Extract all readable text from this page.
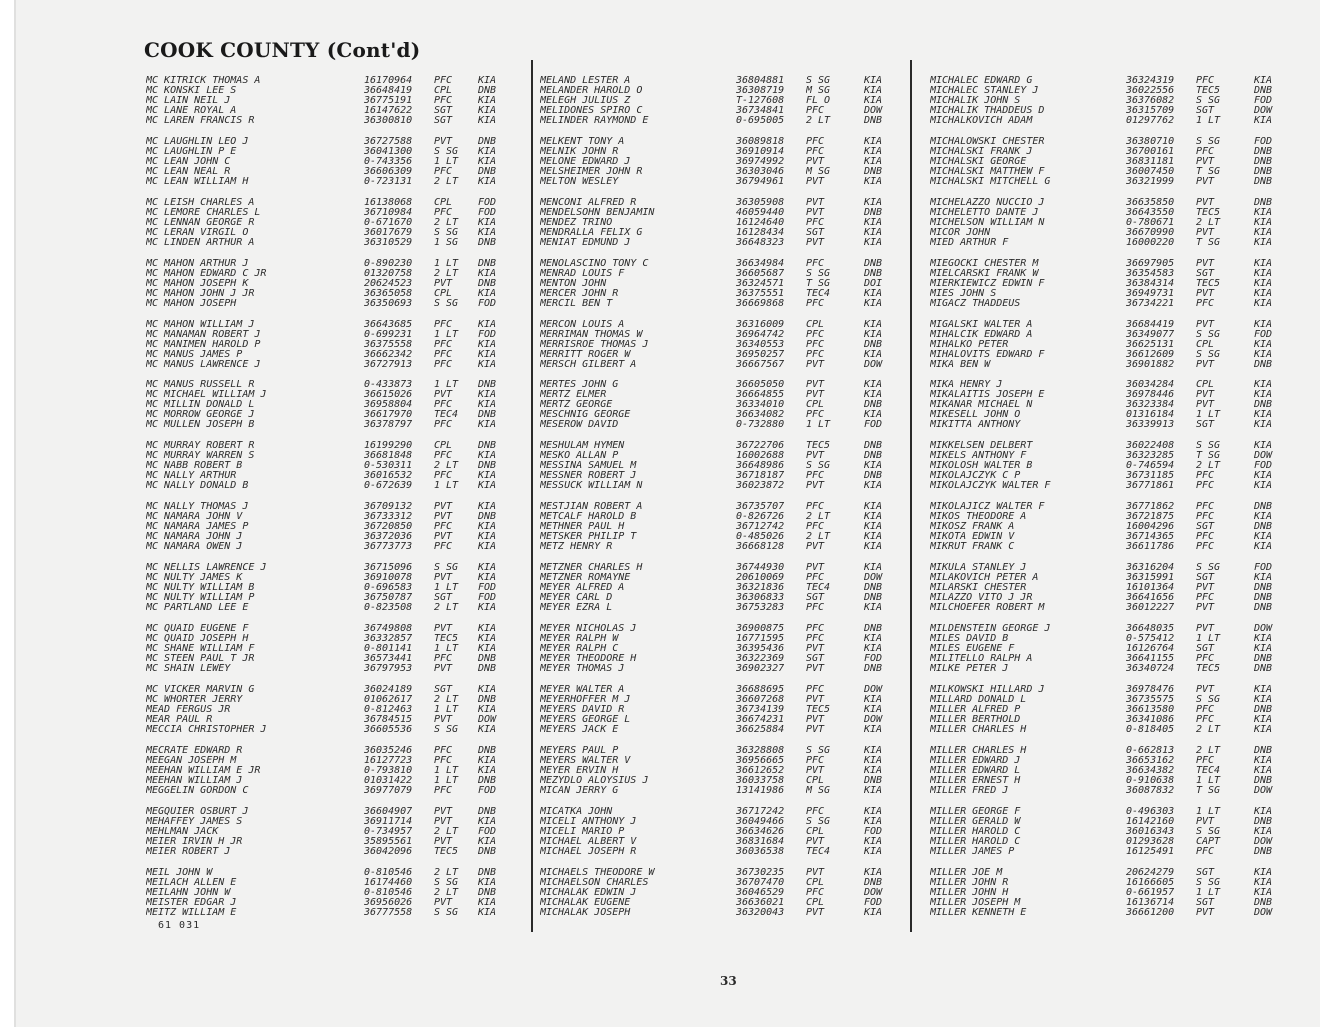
COOK COUNTY (Cont'd)
MC KITRICK THOMAS A	16170964	PFC	KIA
MC KONSKI LEE S	36648419	CPL	DNB
MC LAIN NEIL J	36775191	PFC	KIA
MC LANE ROYAL A	16147622	SGT	KIA
MC LAREN FRANCIS R	36300810	SGT	KIA
MC LAUGHLIN LEO J	36727588	PVT	DNB
MC LAUGHLIN P E	36041300	S SG	KIA
MC LEAN JOHN C	0-743356	1 LT	KIA
MC LEAN NEAL R	36606309	PFC	DNB
MC LEAN WILLIAM H	0-723131	2 LT	KIA
MC LEISH CHARLES A	16138068	CPL	FOD
MC LEMORE CHARLES L	36710984	PFC	FOD
MC LENNAN GEORGE R	0-671670	2 LT	KIA
MC LERAN VIRGIL O	36017679	S SG	KIA
MC LINDEN ARTHUR A	36310529	1 SG	DNB
MC MAHON ARTHUR J	0-890230	1 LT	DNB
MC MAHON EDWARD C JR	01320758	2 LT	KIA
MC MAHON JOSEPH K	20624523	PVT	DNB
MC MAHON JOHN J JR	36365058	CPL	KIA
MC MAHON JOSEPH	36350693	S SG	FOD
MC MAHON WILLIAM J	36643685	PFC	KIA
MC MANAMAN ROBERT J	0-699231	1 LT	FOD
MC MANIMEN HAROLD P	36375558	PFC	KIA
MC MANUS JAMES P	36662342	PFC	KIA
MC MANUS LAWRENCE J	36727913	PFC	KIA
MC MANUS RUSSELL R	0-433873	1 LT	DNB
MC MICHAEL WILLIAM J	36615026	PVT	KIA
MC MILLIN DONALD L	36958804	PFC	KIA
MC MORROW GEORGE J	36617970	TEC4	DNB
MC MULLEN JOSEPH B	36378797	PFC	KIA
MC MURRAY ROBERT R	16199290	CPL	DNB
MC MURRAY WARREN S	36681848	PFC	KIA
MC NABB ROBERT B	0-530311	2 LT	DNB
MC NALLY ARTHUR	36016532	PFC	KIA
MC NALLY DONALD B	0-672639	1 LT	KIA
MC NALLY THOMAS J	36709132	PVT	KIA
MC NAMARA JOHN V	36733312	PVT	DNB
MC NAMARA JAMES P	36720850	PFC	KIA
MC NAMARA JOHN J	36372036	PVT	KIA
MC NAMARA OWEN J	36773773	PFC	KIA
MC NELLIS LAWRENCE J	36715096	S SG	KIA
MC NULTY JAMES K	36910078	PVT	KIA
MC NULTY WILLIAM B	0-696583	1 LT	FOD
MC NULTY WILLIAM P	36750787	SGT	FOD
MC PARTLAND LEE E	0-823508	2 LT	KIA
MC QUAID EUGENE F	36749808	PVT	KIA
MC QUAID JOSEPH H	36332857	TEC5	KIA
MC SHANE WILLIAM F	0-801141	1 LT	KIA
MC STEEN PAUL T JR	36573441	PFC	DNB
MC SHAIN LEWEY	36797953	PVT	DNB
MC VICKER MARVIN G	36024189	SGT	KIA
MC WHORTER JERRY	01062617	2 LT	DNB
MEAD FERGUS JR	0-812463	1 LT	KIA
MEAR PAUL R	36784515	PVT	DOW
MECCIA CHRISTOPHER J	36605536	S SG	KIA
MECRATE EDWARD R	36035246	PFC	DNB
MEEGAN JOSEPH M	16127723	PFC	KIA
MEEHAN WILLIAM E JR	0-793810	1 LT	KIA
MEEHAN WILLIAM J	01031422	1 LT	DNB
MEGGELIN GORDON C	36977079	PFC	FOD
MEGQUIER OSBURT J	36604907	PVT	DNB
MEHAFFEY JAMES S	36911714	PVT	KIA
MEHLMAN JACK	0-734957	2 LT	FOD
MEIER IRVIN H JR	35895561	PVT	KIA
MEIER ROBERT J	36042096	TEC5	DNB
MEIL JOHN W	0-810546	2 LT	DNB
MEILACH ALLEN E	16174460	S SG	KIA
MEILAHN JOHN W	0-810546	2 LT	DNB
MEISTER EDGAR J	36956026	PVT	KIA
MEITZ WILLIAM E	36777558	S SG	KIA
MELAND LESTER A	36804881	S SG	KIA
MELANDER HAROLD O	36308719	M SG	KIA
MELEGH JULIUS Z	T-127608	FL O	KIA
MELIDONES SPIRO C	36734841	PFC	DOW
MELINDER RAYMOND E	0-695005	2 LT	DNB
MELKENT TONY A	36089818	PFC	KIA
MELNIK JOHN R	36910914	PFC	KIA
MELONE EDWARD J	36974992	PVT	KIA
MELSHEIMER JOHN R	36303046	M SG	DNB
MELTON WESLEY	36794961	PVT	KIA
MENCONI ALFRED R	36305908	PVT	KIA
MENDELSOHN BENJAMIN	46059440	PVT	DNB
MENDEZ TRINO	16124640	PFC	KIA
MENDRALLA FELIX G	16128434	SGT	KIA
MENIAT EDMUND J	36648323	PVT	KIA
MENOLASCINO TONY C	36634984	PFC	DNB
MENRAD LOUIS F	36605687	S SG	DNB
MENTON JOHN	36324571	T SG	DOI
MERCER JOHN R	36375551	TEC4	KIA
MERCIL BEN T	36669868	PFC	KIA
MERCON LOUIS A	36316009	CPL	KIA
MERRIMAN THOMAS W	36964742	PFC	KIA
MERRISROE THOMAS J	36340553	PFC	DNB
MERRITT ROGER W	36950257	PFC	KIA
MERSCH GILBERT A	36667567	PVT	DOW
MERTES JOHN G	36605050	PVT	KIA
MERTZ ELMER	36664855	PVT	KIA
MERTZ GEORGE	36334010	CPL	DNB
MESCHNIG GEORGE	36634082	PFC	KIA
MESEROW DAVID	0-732880	1 LT	FOD
MESHULAM HYMEN	36722706	TEC5	DNB
MESKO ALLAN P	16002688	PVT	DNB
MESSINA SAMUEL M	36648986	S SG	KIA
MESSNER ROBERT J	36718187	PFC	DNB
MESSUCK WILLIAM N	36023872	PVT	KIA
MESTJIAN ROBERT A	36735707	PFC	KIA
METCALF HAROLD B	0-826726	2 LT	KIA
METHNER PAUL H	36712742	PFC	KIA
METSKER PHILIP T	0-485026	2 LT	KIA
METZ HENRY R	36668128	PVT	KIA
METZNER CHARLES H	36744930	PVT	KIA
METZNER ROMAYNE	20610069	PFC	DOW
MEYER ALFRED A	36321836	TEC4	DNB
MEYER CARL D	36306833	SGT	DNB
MEYER EZRA L	36753283	PFC	KIA
MEYER NICHOLAS J	36900875	PFC	DNB
MEYER RALPH W	16771595	PFC	KIA
MEYER RALPH C	36395436	PVT	KIA
MEYER THEODORE H	36322369	SGT	FOD
MEYER THOMAS J	36902327	PVT	DNB
MEYER WALTER A	36688695	PFC	DOW
MEYERHOFFER M J	36607268	PVT	KIA
MEYERS DAVID R	36734139	TEC5	KIA
MEYERS GEORGE L	36674231	PVT	DOW
MEYERS JACK E	36625884	PVT	KIA
MEYERS PAUL P	36328808	S SG	KIA
MEYERS WALTER V	36956665	PFC	KIA
MEYER ERVIN H	36612652	PVT	KIA
MEZYDLO ALOYSIUS J	36033758	CPL	DNB
MICAN JERRY G	13141986	M SG	KIA
MICATKA JOHN	36717242	PFC	KIA
MICELI ANTHONY J	36049466	S SG	KIA
MICELI MARIO P	36634626	CPL	FOD
MICHAEL ALBERT V	36831684	PVT	KIA
MICHAEL JOSEPH R	36036538	TEC4	KIA
MICHAELS THEODORE W	36730235	PVT	KIA
MICHAELSON CHARLES	36707470	CPL	DNB
MICHALAK EDWIN J	36046529	PFC	DOW
MICHALAK EUGENE	36636021	CPL	FOD
MICHALAK JOSEPH	36320043	PVT	KIA
MICHALEC EDWARD G	36324319	PFC	KIA
MICHALEC STANLEY J	36022556	TEC5	DNB
MICHALIK JOHN S	36376082	S SG	FOD
MICHALIK THADDEUS D	36315709	SGT	DOW
MICHALKOVICH ADAM	01297762	1 LT	KIA
MICHALOWSKI CHESTER	36380710	S SG	FOD
MICHALSKI FRANK J	36700161	PFC	DNB
MICHALSKI GEORGE	36831181	PVT	DNB
MICHALSKI MATTHEW F	36007450	T SG	DNB
MICHALSKI MITCHELL G	36321999	PVT	DNB
MICHELAZZO NUCCIO J	36635850	PVT	DNB
MICHELETTO DANTE J	36643550	TEC5	KIA
MICHELSON WILLIAM N	0-780671	2 LT	KIA
MICOR JOHN	36670990	PVT	KIA
MIED ARTHUR F	16000220	T SG	KIA
MIEGOCKI CHESTER M	36697905	PVT	KIA
MIELCARSKI FRANK W	36354583	SGT	KIA
MIERKIEWICZ EDWIN F	36384314	TEC5	KIA
MIES JOHN S	36949731	PVT	KIA
MIGACZ THADDEUS	36734221	PFC	KIA
MIGALSKI WALTER A	36684419	PVT	KIA
MIHALCIK EDWARD A	36349077	S SG	FOD
MIHALKO PETER	36625131	CPL	KIA
MIHALOVITS EDWARD F	36612609	S SG	KIA
MIKA BEN W	36901882	PVT	DNB
MIKA HENRY J	36034284	CPL	KIA
MIKALAITIS JOSEPH E	36978446	PVT	KIA
MIKANAR MICHAEL N	36323384	PVT	DNB
MIKESELL JOHN O	01316184	1 LT	KIA
MIKITTA ANTHONY	36339913	SGT	KIA
MIKKELSEN DELBERT	36022408	S SG	KIA
MIKELS ANTHONY F	36323285	T SG	DOW
MIKOLOSH WALTER B	0-746594	2 LT	FOD
MIKOLAJCZYK C P	36731185	PFC	KIA
MIKOLAJCZYK WALTER F	36771861	PFC	KIA
MIKOLAJICZ WALTER F	36771862	PFC	DNB
MIKOS THEODORE A	36721875	PFC	KIA
MIKOSZ FRANK A	16004296	SGT	DNB
MIKOTA EDWIN V	36714365	PFC	KIA
MIKRUT FRANK C	36611786	PFC	KIA
MIKULA STANLEY J	36316204	S SG	FOD
MILAKOVICH PETER A	36315991	SGT	KIA
MILARSKI CHESTER	16101364	PVT	DNB
MILAZZO VITO J JR	36641656	PFC	DNB
MILCHOEFER ROBERT M	36012227	PVT	DNB
MILDENSTEIN GEORGE J	36648035	PVT	DOW
MILES DAVID B	0-575412	1 LT	KIA
MILES EUGENE F	16126764	SGT	KIA
MILITELLO RALPH A	36641155	PFC	DNB
MILKE PETER J	36340724	TEC5	DNB
MILKOWSKI HILLARD J	36978476	PVT	KIA
MILLARD DONALD L	36735575	S SG	KIA
MILLER ALFRED P	36613580	PFC	DNB
MILLER BERTHOLD	36341086	PFC	KIA
MILLER CHARLES H	0-818405	2 LT	KIA
MILLER CHARLES H	0-662813	2 LT	DNB
MILLER EDWARD J	36653162	PFC	KIA
MILLER EDWARD L	36634382	TEC4	KIA
MILLER ERNEST H	0-910638	1 LT	DNB
MILLER FRED J	36087832	T SG	DOW
MILLER GEORGE F	0-496303	1 LT	KIA
MILLER GERALD W	16142160	PVT	DNB
MILLER HAROLD C	36016343	S SG	KIA
MILLER HAROLD C	01293628	CAPT	DOW
MILLER JAMES P	16125491	PFC	DNB
MILLER JOE M	20624279	SGT	KIA
MILLER JOHN R	16166605	S SG	KIA
MILLER JOHN H	0-661957	1 LT	KIA
MILLER JOSEPH M	16136714	SGT	DNB
MILLER KENNETH E	36661200	PVT	DOW
61 031
33
